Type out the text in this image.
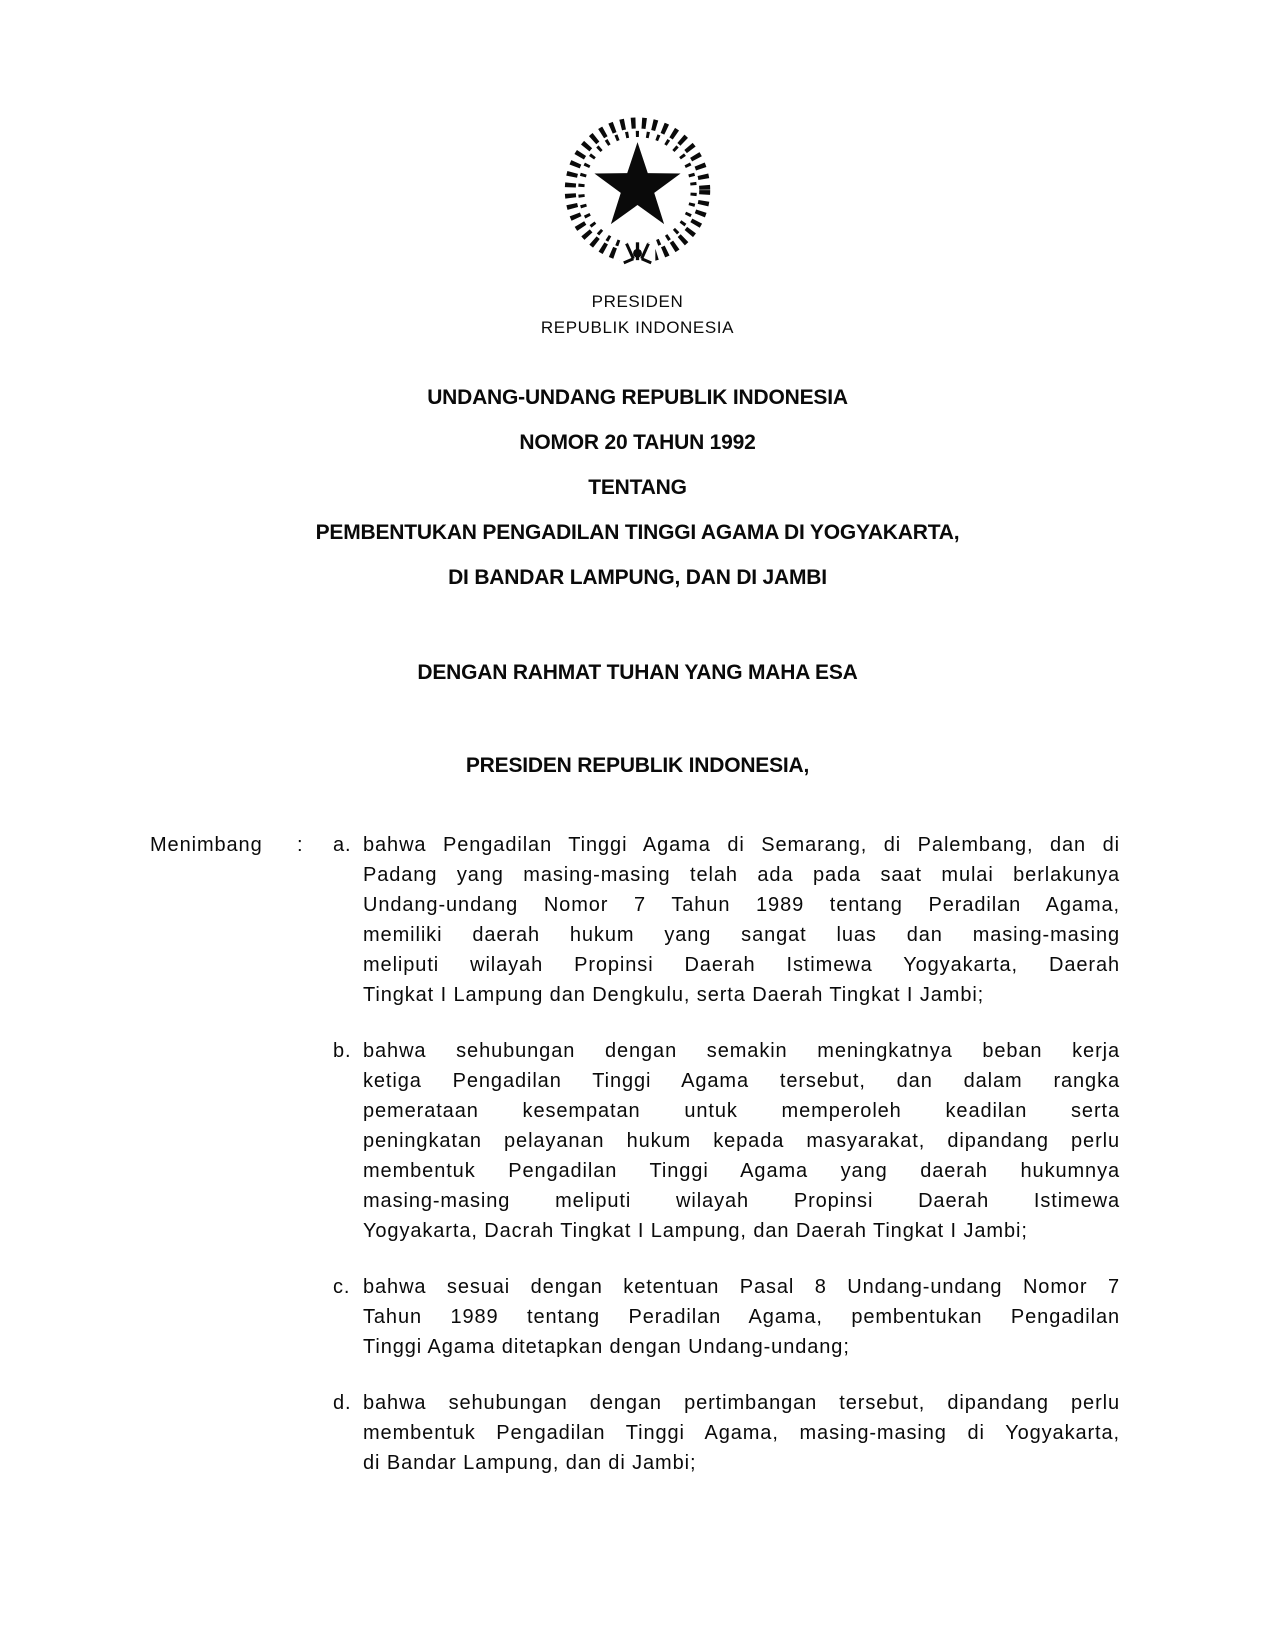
PRESIDEN
REPUBLIK INDONESIA
UNDANG-UNDANG REPUBLIK INDONESIA
NOMOR 20 TAHUN 1992
TENTANG
PEMBENTUKAN PENGADILAN TINGGI AGAMA DI YOGYAKARTA,
DI BANDAR LAMPUNG, DAN DI JAMBI
DENGAN RAHMAT TUHAN YANG MAHA ESA
PRESIDEN REPUBLIK INDONESIA,
Menimbang	:	a. bahwa Pengadilan Tinggi Agama di Semarang, di Palembang, dan di
Padang yang masing-masing telah ada pada saat mulai berlakunya
Undang-undang Nomor 7 Tahun 1989 tentang Peradilan Agama,
memiliki daerah hukum yang sangat luas dan masing-masing
meliputi wilayah Propinsi Daerah Istimewa Yogyakarta, Daerah
Tingkat I Lampung dan Dengkulu, serta Daerah Tingkat I Jambi;
b. bahwa sehubungan dengan semakin meningkatnya beban kerja
ketiga Pengadilan Tinggi Agama tersebut, dan dalam rangka
pemerataan kesempatan untuk memperoleh keadilan serta
peningkatan pelayanan hukum kepada masyarakat, dipandang perlu
membentuk Pengadilan Tinggi Agama yang daerah hukumnya
masing-masing meliputi wilayah Propinsi Daerah Istimewa
Yogyakarta, Dacrah Tingkat I Lampung, dan Daerah Tingkat I Jambi;
c. bahwa sesuai dengan ketentuan Pasal 8 Undang-undang Nomor 7
Tahun 1989 tentang Peradilan Agama, pembentukan Pengadilan
Tinggi Agama ditetapkan dengan Undang-undang;
d. bahwa sehubungan dengan pertimbangan tersebut, dipandang perlu
membentuk Pengadilan Tinggi Agama, masing-masing di Yogyakarta,
di Bandar Lampung, dan di Jambi;
